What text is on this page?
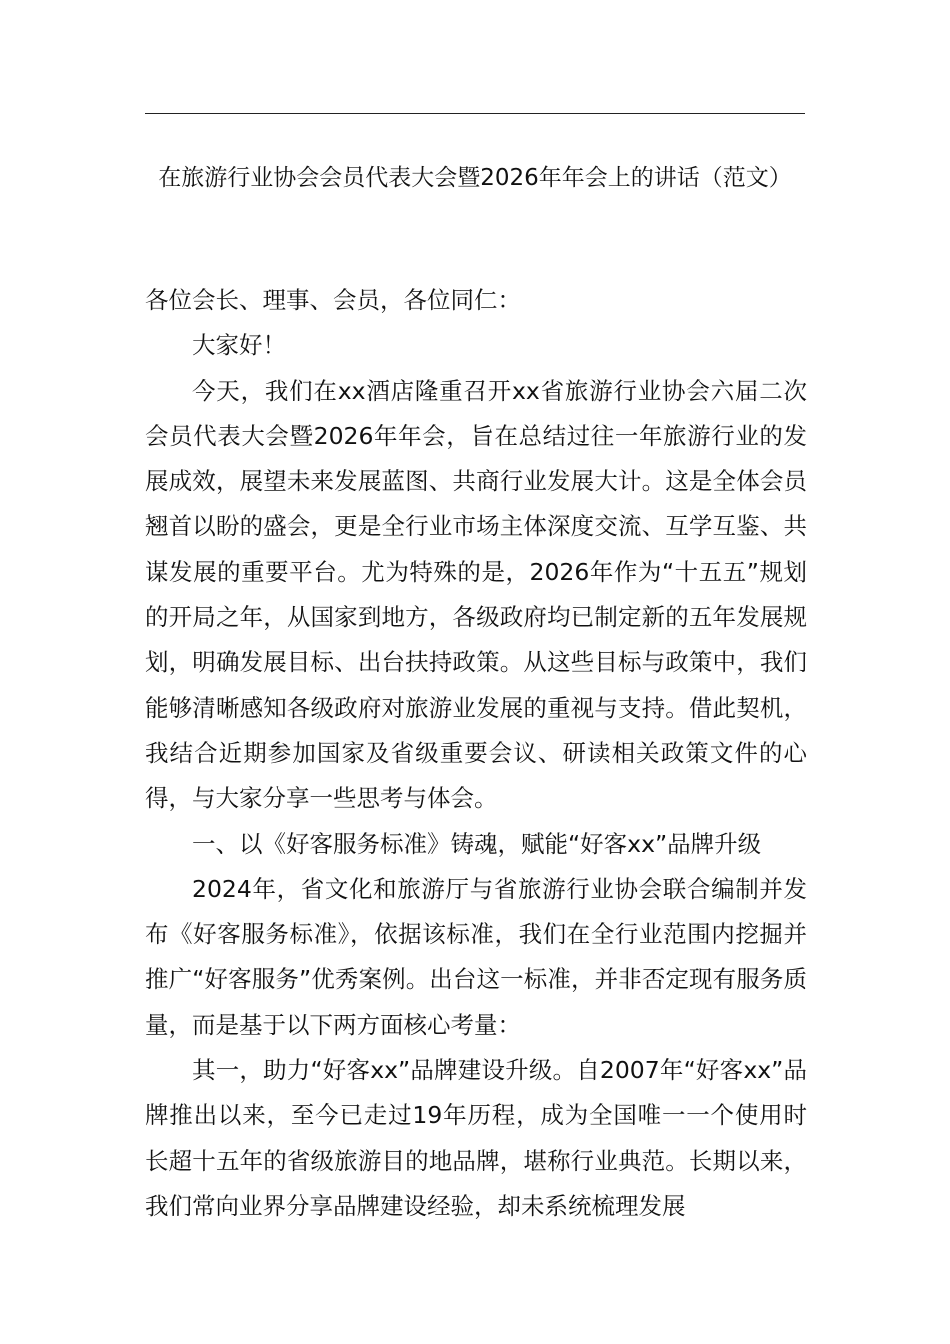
在旅游行业协会会员代表大会暨2026年年会上的讲话（范文）

各位会长、理事、会员，各位同仁：

大家好！

今天，我们在xx酒店隆重召开xx省旅游行业协会六届二次会员代表大会暨2026年年会，旨在总结过往一年旅游行业的发展成效，展望未来发展蓝图、共商行业发展大计。这是全体会员翘首以盼的盛会，更是全行业市场主体深度交流、互学互鉴、共谋发展的重要平台。尤为特殊的是，2026年作为“十五五”规划的开局之年，从国家到地方，各级政府均已制定新的五年发展规划，明确发展目标、出台扶持政策。从这些目标与政策中，我们能够清晰感知各级政府对旅游业发展的重视与支持。借此契机，我结合近期参加国家及省级重要会议、研读相关政策文件的心得，与大家分享一些思考与体会。

一、以《好客服务标准》铸魂，赋能“好客xx”品牌升级

2024年，省文化和旅游厅与省旅游行业协会联合编制并发布《好客服务标准》，依据该标准，我们在全行业范围内挖掘并推广“好客服务”优秀案例。出台这一标准，并非否定现有服务质量，而是基于以下两方面核心考量：

其一，助力“好客xx”品牌建设升级。自2007年“好客xx”品牌推出以来，至今已走过19年历程，成为全国唯一一个使用时长超十五年的省级旅游目的地品牌，堪称行业典范。长期以来，我们常向业界分享品牌建设经验，却未系统梳理发展
